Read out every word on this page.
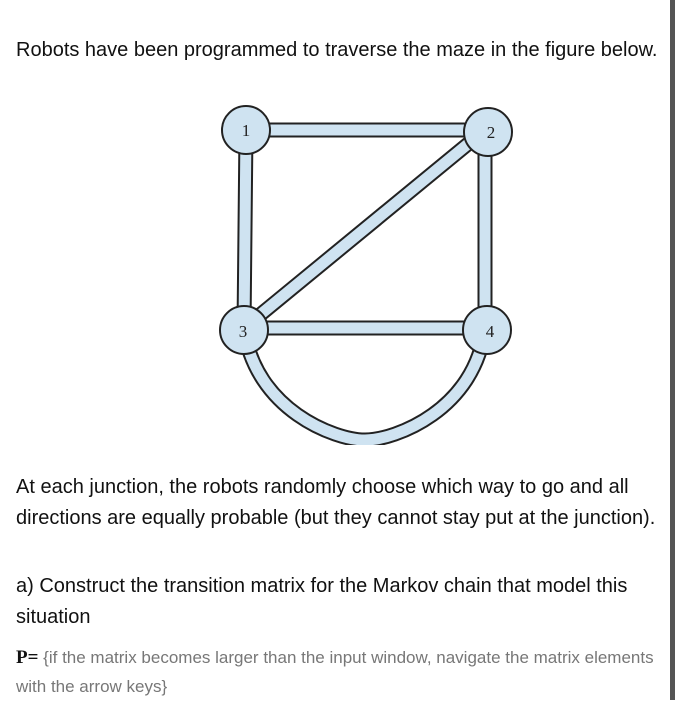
Robots have been programmed to traverse the maze in the figure below.

1	2
3	4

At each junction, the robots randomly choose which way to go and all directions are equally probable (but they cannot stay put at the junction).

a) Construct the transition matrix for the Markov chain that model this situation

P= {if the matrix becomes larger than the input window, navigate the matrix elements with the arrow keys}
